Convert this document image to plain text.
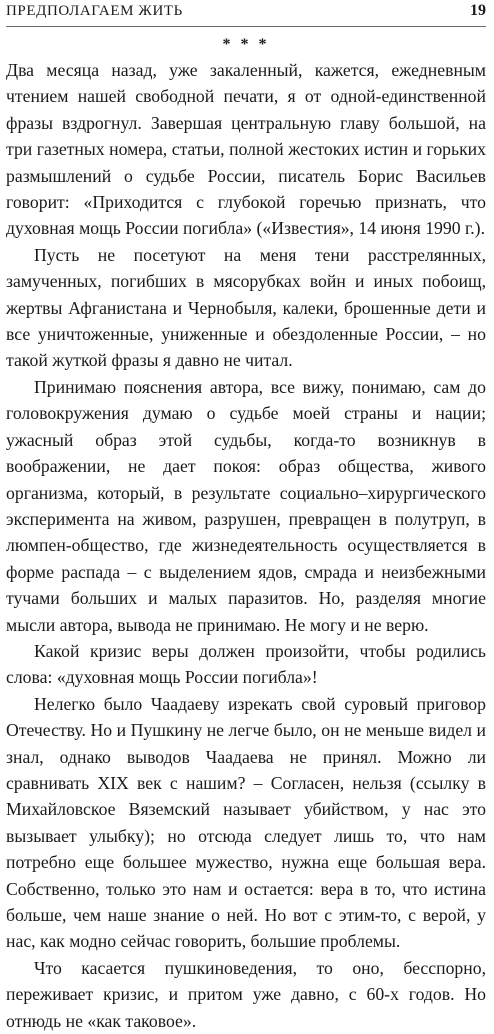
ПРЕДПОЛАГАЕМ ЖИТЬ	19
* * *

Два месяца назад, уже закаленный, кажется, ежедневным чтением нашей свободной печати, я от одной-единственной фразы вздрогнул. Завершая центральную главу большой, на три газетных номера, статьи, полной жестоких истин и горьких размышлений о судьбе России, писатель Борис Васильев говорит: «Приходится с глубокой горечью признать, что духовная мощь России погибла» («Известия», 14 июня 1990 г.).

Пусть не посетуют на меня тени расстрелянных, замученных, погибших в мясорубках войн и иных побоищ, жертвы Афганистана и Чернобыля, калеки, брошенные дети и все уничтоженные, униженные и обездоленные России, – но такой жуткой фразы я давно не читал.

Принимаю пояснения автора, все вижу, понимаю, сам до головокружения думаю о судьбе моей страны и нации; ужасный образ этой судьбы, когда-то возникнув в воображении, не дает покоя: образ общества, живого организма, который, в результате социально–хирургического эксперимента на живом, разрушен, превращен в полутруп, в люмпен-общество, где жизнедеятельность осуществляется в форме распада – с выделением ядов, смрада и неизбежными тучами больших и малых паразитов. Но, разделяя многие мысли автора, вывода не принимаю. Не могу и не верю.

Какой кризис веры должен произойти, чтобы родились слова: «духовная мощь России погибла»!

Нелегко было Чаадаеву изрекать свой суровый приговор Отечеству. Но и Пушкину не легче было, он не меньше видел и знал, однако выводов Чаадаева не принял. Можно ли сравнивать XIX век с нашим? – Согласен, нельзя (ссылку в Михайловское Вяземский называет убийством, у нас это вызывает улыбку); но отсюда следует лишь то, что нам потребно еще большее мужество, нужна еще большая вера. Собственно, только это нам и остается: вера в то, что истина больше, чем наше знание о ней. Но вот с этим-то, с верой, у нас, как модно сейчас говорить, большие проблемы.

Что касается пушкиноведения, то оно, бесспорно, переживает кризис, и притом уже давно, с 60-х годов. Но отнюдь не «как таковое».
